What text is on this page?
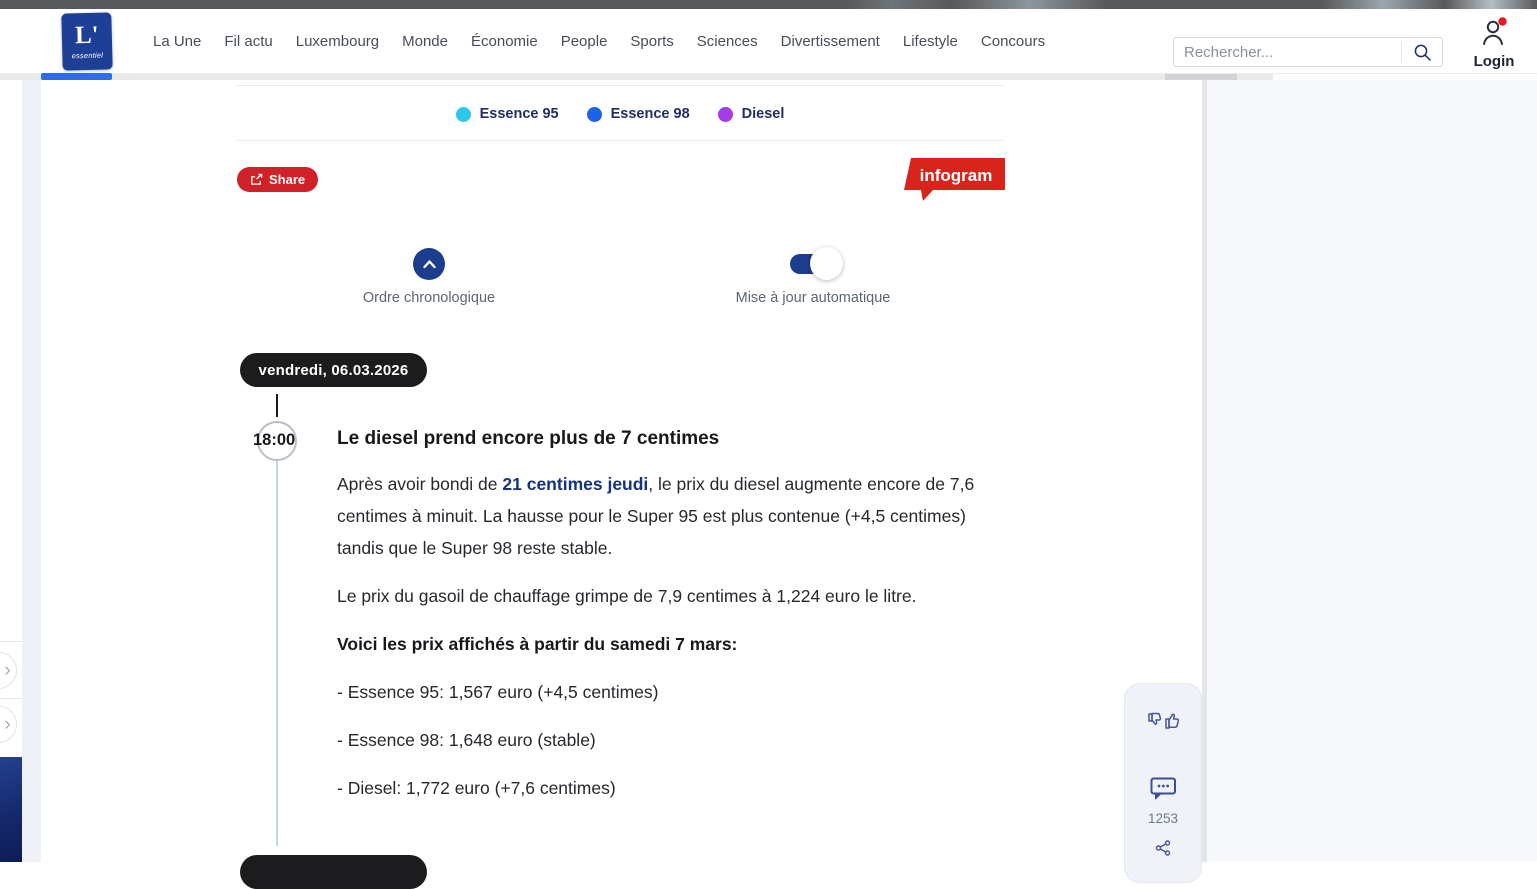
L'
essentiel
La Une Fil actu Luxembourg Monde Économie People Sports Sciences Divertissement Lifestyle Concours
Rechercher...
Login
›
›
Essence 95	Essence 98	Diesel
Share	infogram
Ordre chronologique	Mise à jour automatique
vendredi, 06.03.2026
18:00 Le diesel prend encore plus de 7 centimes

Après avoir bondi de 21 centimes jeudi, le prix du diesel augmente encore de 7,6 centimes à minuit. La hausse pour le Super 95 est plus contenue (+4,5 centimes) tandis que le Super 98 reste stable.

Le prix du gasoil de chauffage grimpe de 7,9 centimes à 1,224 euro le litre.

Voici les prix affichés à partir du samedi 7 mars:

- Essence 95: 1,567 euro (+4,5 centimes)

- Essence 98: 1,648 euro (stable)

- Diesel: 1,772 euro (+7,6 centimes)

1253
